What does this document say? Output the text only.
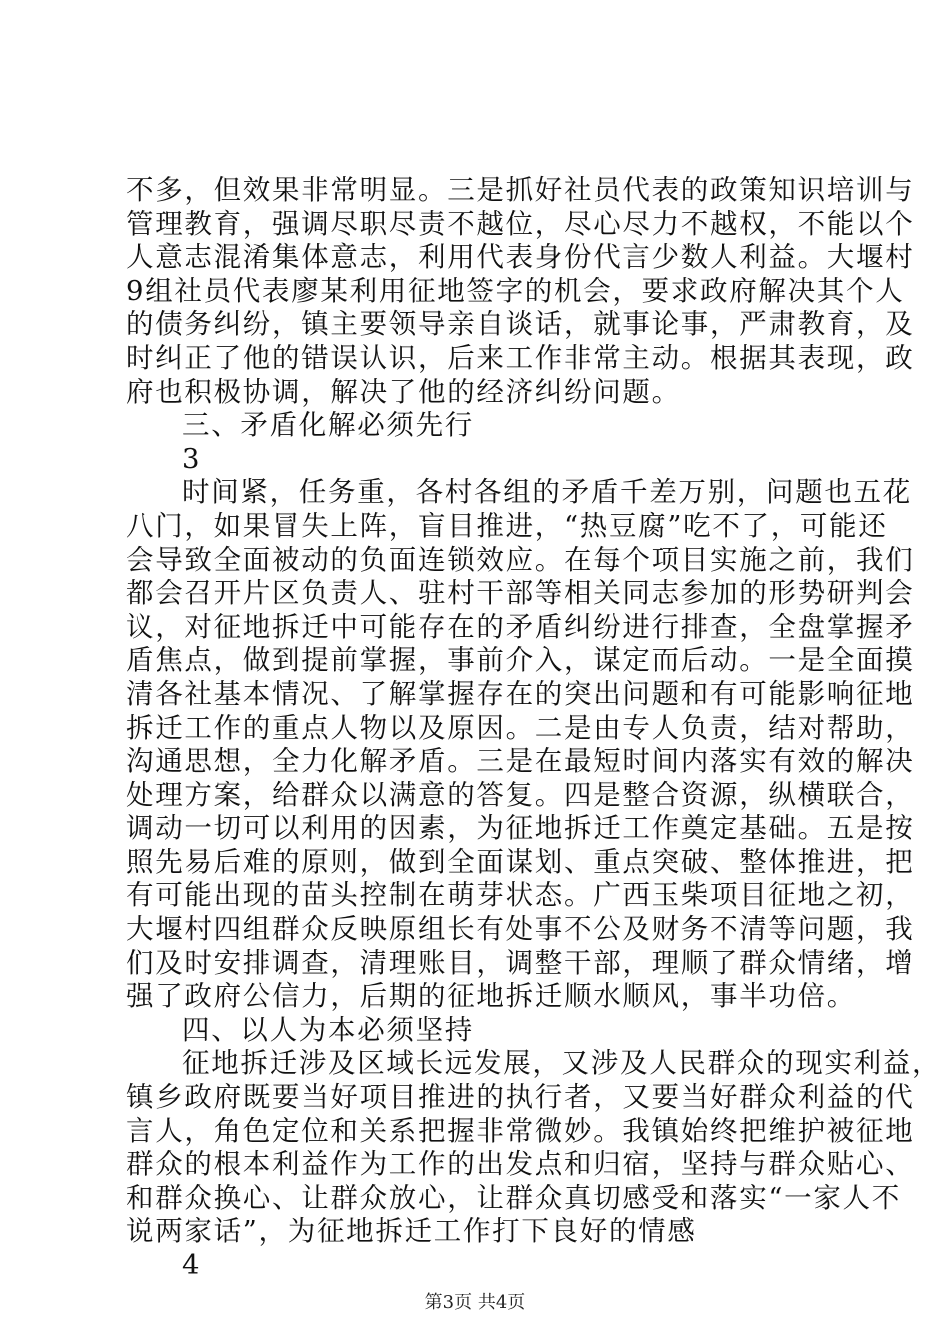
不多，但效果非常明显。三是抓好社员代表的政策知识培训与
管理教育，强调尽职尽责不越位，尽心尽力不越权，不能以个
人意志混淆集体意志，利用代表身份代言少数人利益。大堰村
9组社员代表廖某利用征地签字的机会，要求政府解决其个人
的债务纠纷，镇主要领导亲自谈话，就事论事，严肃教育，及
时纠正了他的错误认识，后来工作非常主动。根据其表现，政
府也积极协调，解决了他的经济纠纷问题。
三、矛盾化解必须先行
3
时间紧，任务重，各村各组的矛盾千差万别，问题也五花
八门，如果冒失上阵，盲目推进，“热豆腐”吃不了，可能还
会导致全面被动的负面连锁效应。在每个项目实施之前，我们
都会召开片区负责人、驻村干部等相关同志参加的形势研判会
议，对征地拆迁中可能存在的矛盾纠纷进行排查，全盘掌握矛
盾焦点，做到提前掌握，事前介入，谋定而后动。一是全面摸
清各社基本情况、了解掌握存在的突出问题和有可能影响征地
拆迁工作的重点人物以及原因。二是由专人负责，结对帮助，
沟通思想，全力化解矛盾。三是在最短时间内落实有效的解决
处理方案，给群众以满意的答复。四是整合资源，纵横联合，
调动一切可以利用的因素，为征地拆迁工作奠定基础。五是按
照先易后难的原则，做到全面谋划、重点突破、整体推进，把
有可能出现的苗头控制在萌芽状态。广西玉柴项目征地之初，
大堰村四组群众反映原组长有处事不公及财务不清等问题，我
们及时安排调查，清理账目，调整干部，理顺了群众情绪，增
强了政府公信力，后期的征地拆迁顺水顺风，事半功倍。
四、以人为本必须坚持
征地拆迁涉及区域长远发展，又涉及人民群众的现实利益，
镇乡政府既要当好项目推进的执行者，又要当好群众利益的代
言人，角色定位和关系把握非常微妙。我镇始终把维护被征地
群众的根本利益作为工作的出发点和归宿，坚持与群众贴心、
和群众换心、让群众放心，让群众真切感受和落实“一家人不
说两家话”，为征地拆迁工作打下良好的情感
4
第3页 共4页
